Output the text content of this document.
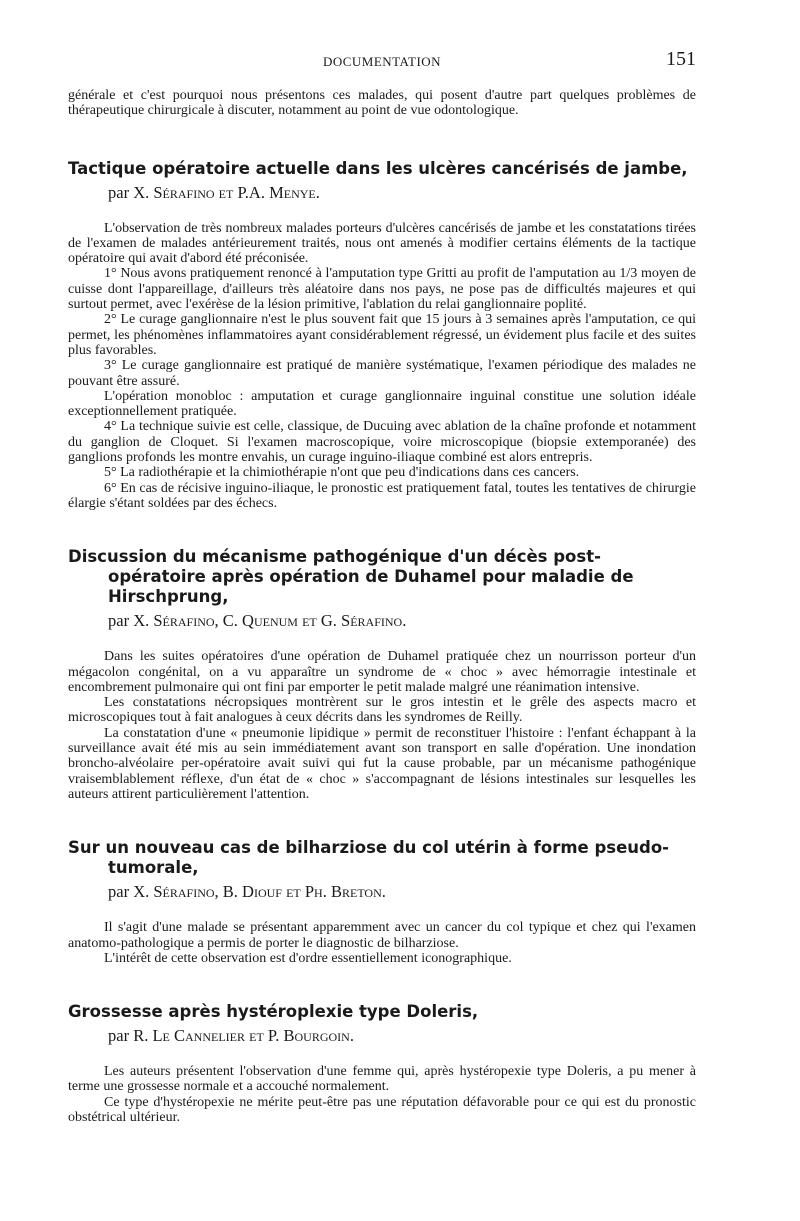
DOCUMENTATION	151

générale et c'est pourquoi nous présentons ces malades, qui posent d'autre part quelques problèmes de thérapeutique chirurgicale à discuter, notamment au point de vue odontologique.

Tactique opératoire actuelle dans les ulcères cancérisés de jambe,
par X. Sérafino et P.A. Menye.

L'observation de très nombreux malades porteurs d'ulcères cancérisés de jambe et les constatations tirées de l'examen de malades antérieurement traités, nous ont amenés à modifier certains éléments de la tactique opératoire qui avait d'abord été préconisée.

1° Nous avons pratiquement renoncé à l'amputation type Gritti au profit de l'amputation au 1/3 moyen de cuisse dont l'appareillage, d'ailleurs très aléatoire dans nos pays, ne pose pas de difficultés majeures et qui surtout permet, avec l'exérèse de la lésion primitive, l'ablation du relai ganglionnaire poplité.

2° Le curage ganglionnaire n'est le plus souvent fait que 15 jours à 3 semaines après l'amputation, ce qui permet, les phénomènes inflammatoires ayant considérablement régressé, un évidement plus facile et des suites plus favorables.

3° Le curage ganglionnaire est pratiqué de manière systématique, l'examen périodique des malades ne pouvant être assuré.

L'opération monobloc : amputation et curage ganglionnaire inguinal constitue une solution idéale exceptionnellement pratiquée.

4° La technique suivie est celle, classique, de Ducuing avec ablation de la chaîne profonde et notamment du ganglion de Cloquet. Si l'examen macroscopique, voire microscopique (biopsie extemporanée) des ganglions profonds les montre envahis, un curage inguino-iliaque combiné est alors entrepris.

5° La radiothérapie et la chimiothérapie n'ont que peu d'indications dans ces cancers.

6° En cas de récisive inguino-iliaque, le pronostic est pratiquement fatal, toutes les tentatives de chirurgie élargie s'étant soldées par des échecs.

Discussion du mécanisme pathogénique d'un décès post-opératoire après opération de Duhamel pour maladie de Hirschprung,
par X. Sérafino, C. Quenum et G. Sérafino.

Dans les suites opératoires d'une opération de Duhamel pratiquée chez un nourrisson porteur d'un mégacolon congénital, on a vu apparaître un syndrome de « choc » avec hémorragie intestinale et encombrement pulmonaire qui ont fini par emporter le petit malade malgré une réanimation intensive.

Les constatations nécropsiques montrèrent sur le gros intestin et le grêle des aspects macro et microscopiques tout à fait analogues à ceux décrits dans les syndromes de Reilly.

La constatation d'une « pneumonie lipidique » permit de reconstituer l'histoire : l'enfant échappant à la surveillance avait été mis au sein immédiatement avant son transport en salle d'opération. Une inondation broncho-alvéolaire per-opératoire avait suivi qui fut la cause probable, par un mécanisme pathogénique vraisemblablement réflexe, d'un état de « choc » s'accompagnant de lésions intestinales sur lesquelles les auteurs attirent particulièrement l'attention.

Sur un nouveau cas de bilharziose du col utérin à forme pseudo-tumorale,
par X. Sérafino, B. Diouf et Ph. Breton.

Il s'agit d'une malade se présentant apparemment avec un cancer du col typique et chez qui l'examen anatomo-pathologique a permis de porter le diagnostic de bilharziose.

L'intérêt de cette observation est d'ordre essentiellement iconographique.

Grossesse après hystéroplexie type Doleris,
par R. Le Cannelier et P. Bourgoin.

Les auteurs présentent l'observation d'une femme qui, après hystéropexie type Doleris, a pu mener à terme une grossesse normale et a accouché normalement.

Ce type d'hystéropexie ne mérite peut-être pas une réputation défavorable pour ce qui est du pronostic obstétrical ultérieur.
